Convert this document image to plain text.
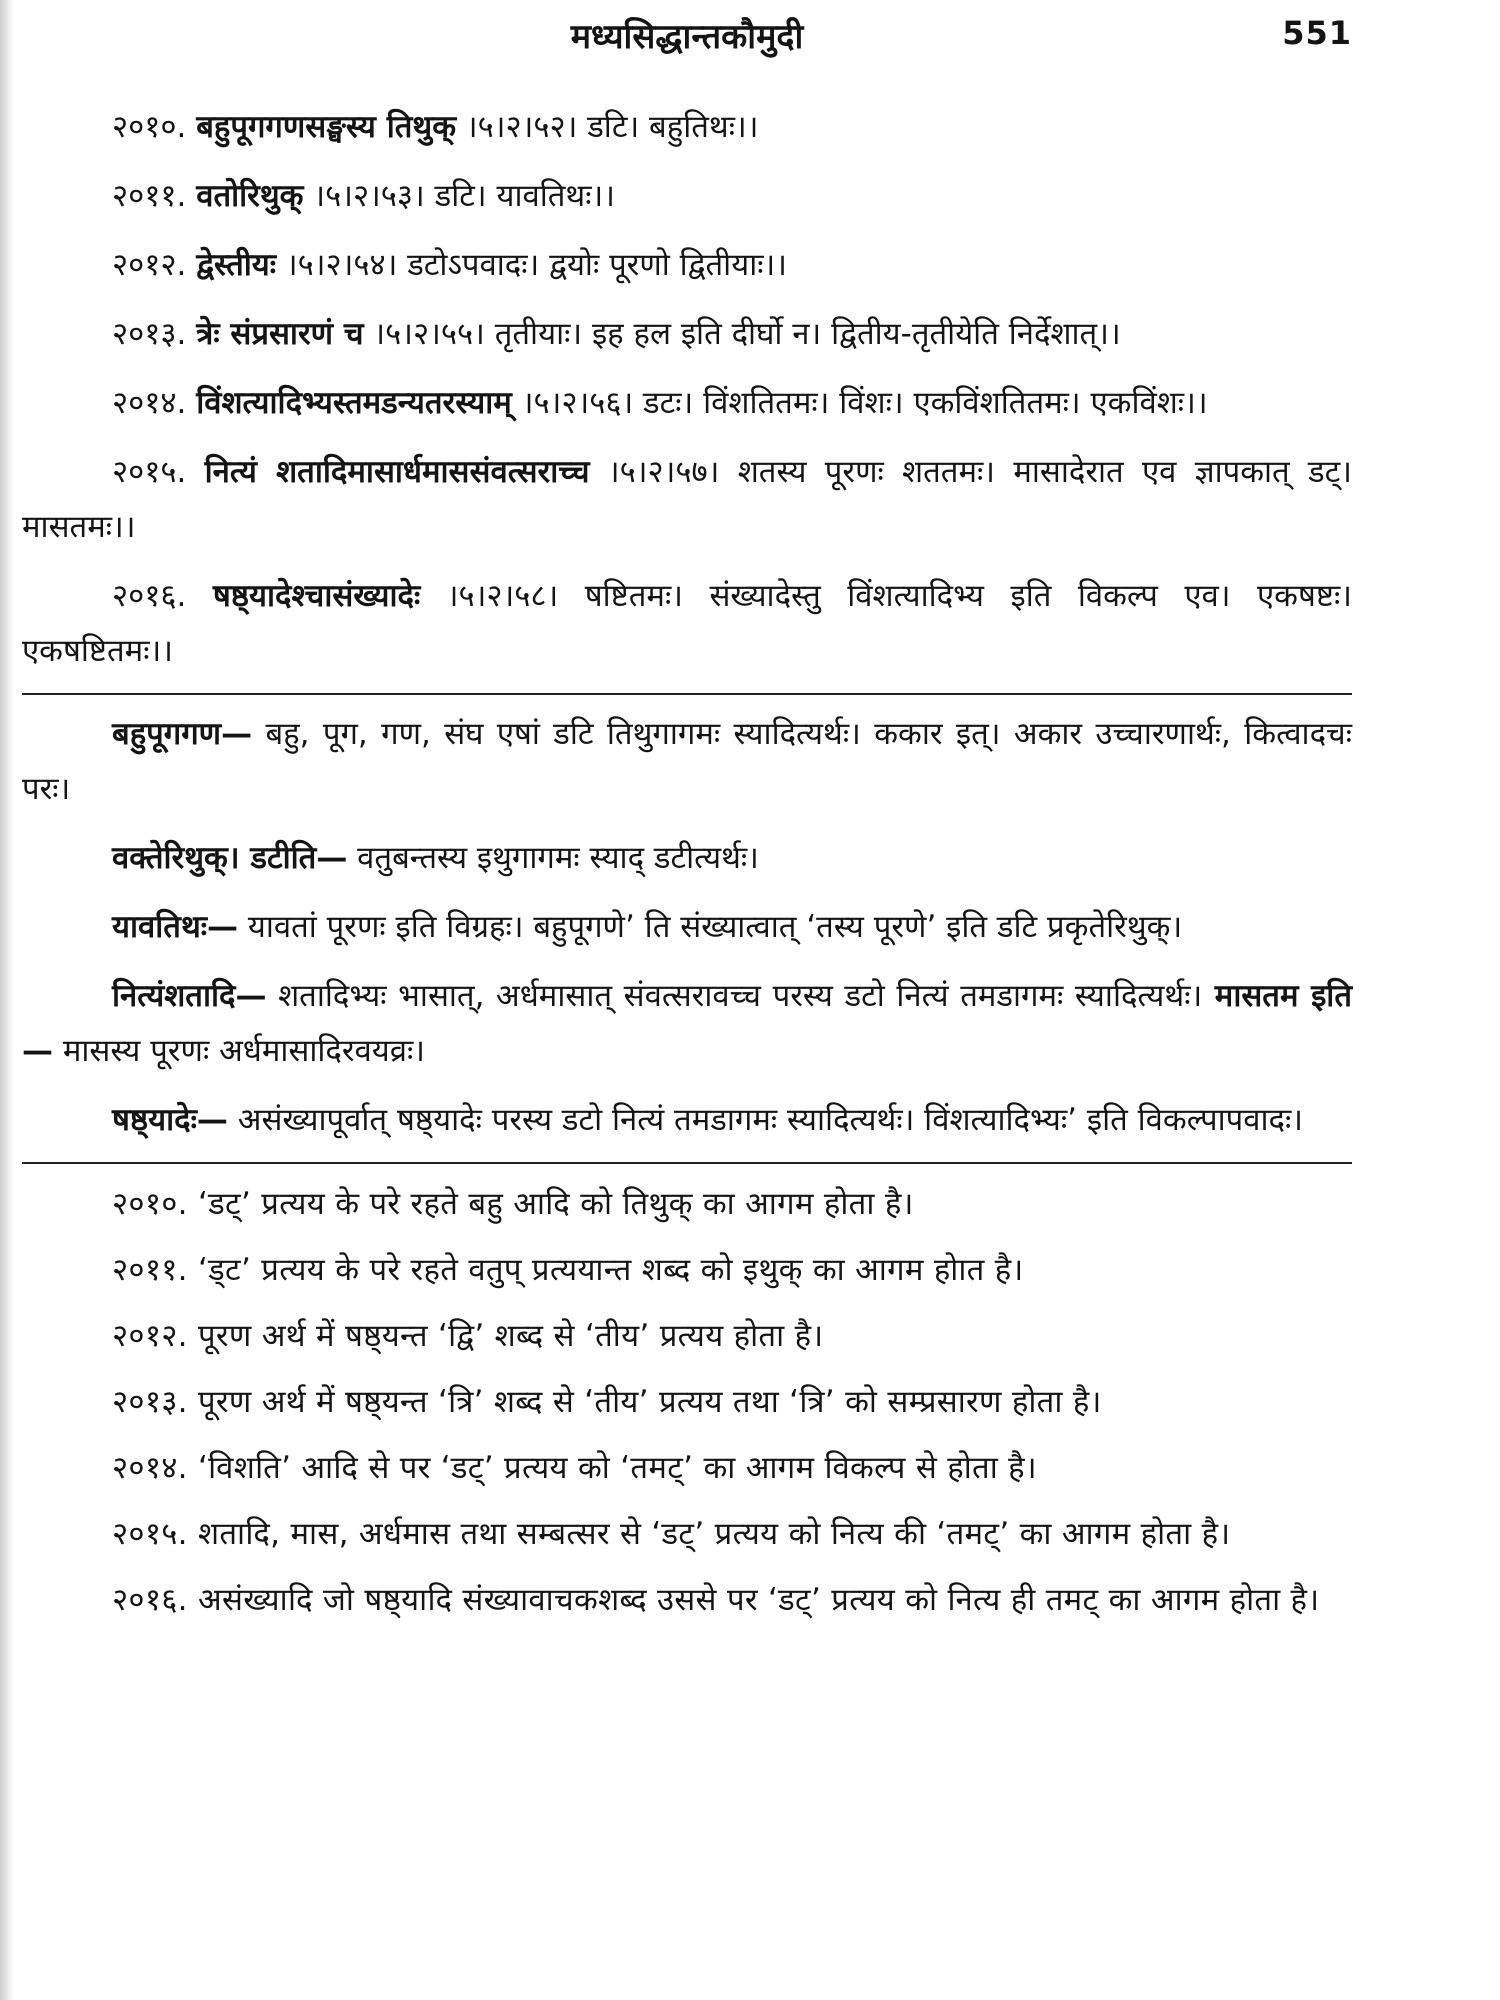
मध्यसिद्धान्तकौमुदी	551

२०१०. बहुपूगगणसङ्घस्य तिथुक् ।५।२।५२। डटि। बहुतिथः।।

२०११. वतोरिथुक् ।५।२।५३। डटि। यावतिथः।।

२०१२. द्वेस्तीयः ।५।२।५४। डटोऽपवादः। द्वयोः पूरणो द्वितीयाः।।

२०१३. त्रेः संप्रसारणं च ।५।२।५५। तृतीयाः। इह हल इति दीर्घो न। द्वितीय-तृतीयेति निर्देशात्।।

२०१४. विंशत्यादिभ्यस्तमडन्यतरस्याम् ।५।२।५६। डटः। विंशतितमः। विंशः। एकविंशतितमः। एकविंशः।।

२०१५. नित्यं शतादिमासार्धमाससंवत्सराच्च ।५।२।५७। शतस्य पूरणः शततमः। मासादेरात एव ज्ञापकात् डट्। मासतमः।।

२०१६. षष्ठ्यादेश्चासंख्यादेः ।५।२।५८। षष्टितमः। संख्यादेस्तु विंशत्यादिभ्य इति विकल्प एव। एकषष्टः। एकषष्टितमः।।

बहुपूगगण— बहु, पूग, गण, संघ एषां डटि तिथुगागमः स्यादित्यर्थः। ककार इत्। अकार उच्चारणार्थः, कित्वादचः परः।

वक्तेरिथुक्। डटीति— वतुबन्तस्य इथुगागमः स्याद् डटीत्यर्थः।

यावतिथः— यावतां पूरणः इति विग्रहः। बहुपूगणे’ ति संख्यात्वात् ‘तस्य पूरणे’ इति डटि प्रकृतेरिथुक्।

नित्यंशतादि— शतादिभ्यः भासात्, अर्धमासात् संवत्सरावच्च परस्य डटो नित्यं तमडागमः स्यादित्यर्थः। मासतम इति— मासस्य पूरणः अर्धमासादिरवयव्रः।

षष्ठ्यादेः— असंख्यापूर्वात् षष्ठ्यादेः परस्य डटो नित्यं तमडागमः स्यादित्यर्थः। विंशत्यादिभ्यः’ इति विकल्पापवादः।

२०१०. ‘डट्’ प्रत्यय के परे रहते बहु आदि को तिथुक् का आगम होता है।

२०११. ‘ड्ट’ प्रत्यय के परे रहते वतुप् प्रत्ययान्त शब्द को इथुक् का आगम होात है।

२०१२. पूरण अर्थ में षष्ठ्यन्त ‘द्वि’ शब्द से ‘तीय’ प्रत्यय होता है।

२०१३. पूरण अर्थ में षष्ठ्यन्त ‘त्रि’ शब्द से ‘तीय’ प्रत्यय तथा ‘त्रि’ को सम्प्रसारण होता है।

२०१४. ‘विशति’ आदि से पर ‘डट्’ प्रत्यय को ‘तमट्’ का आगम विकल्प से होता है।

२०१५. शतादि, मास, अर्धमास तथा सम्बत्सर से ‘डट्’ प्रत्यय को नित्य की ‘तमट्’ का आगम होता है।

२०१६. असंख्यादि जो षष्ठ्यादि संख्यावाचकशब्द उससे पर ‘डट्’ प्रत्यय को नित्य ही तमट् का आगम होता है।
